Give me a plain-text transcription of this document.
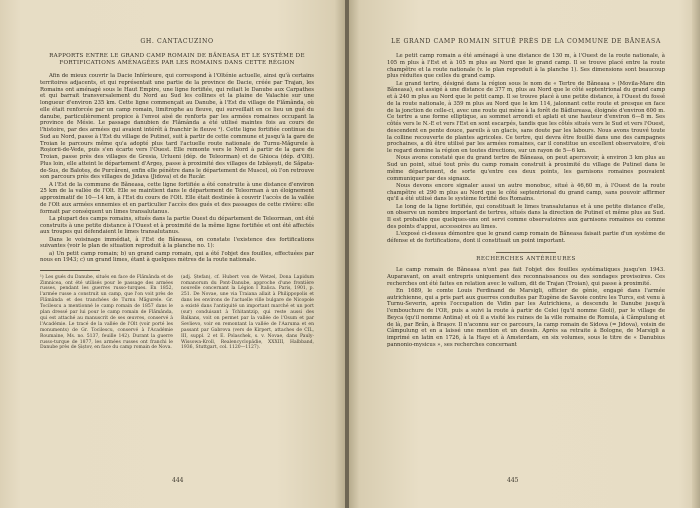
GH. CANTACUZINO
RAPPORTS ENTRE LE GRAND CAMP ROMAIN DE BĂNEASA ET LE SYSTÈME DE FORTIFICATIONS AMÉNAGÉES PAR LES ROMAINS DANS CETTE RÉGION

Afin de mieux couvrir la Dacie Inférieure, qui correspond à l'Olténie actuelle, ainsi qu'à certains territoires adjacents, et qui représentait une partie de la province de Dacie, créée par Trajan, les Romains ont aménagé sous le Haut Empire, une ligne fortifiée, qui reliait le Danube aux Carpathes et qui barrait transversalement du Nord au Sud les collines et la plaine de Valachie sur une longueur d'environ 235 km. Cette ligne commençait au Danube, à l'Est du village de Flămânda, où elle était renforcée par un camp romain, limitrophe au fleuve, qui surveillait en ce lieu un gué du danube, particulièrement propice à l'envoi aisé de renforts par les armées romaines occupant la province de Mésie. Le passage danubien de Flămânda a été utilisé maintes fois au cours de l'histoire, par des armées qui avaient intérêt à franchir le fleuve ¹). Cette ligne fortifiée continue du Sud au Nord, passe à l'Est du village de Putineï, suit à partir de cette commune et jusqu'à la gare de Troian le parcours même qu'a adopté plus tard l'actuelle route nationale de Turnu-Măgurele à Roșiorii-de-Vede, puis s'en écarte vers l'Ouest. Elle remonte vers le Nord à partir de la gare de Troian, passe près des villages de Gresia, Urlueni (dép. de Teleorman) et de Ghioca (dép. d'Olt). Plus loin, elle atteint le département d'Argeș, passe à proximité des villages de Izbășești, de Săpata-de-Sus, de Baloteș, de Purcăreni, enfin elle pénètre dans le département de Muscel, où l'on retrouve son parcours près des villages de Jidava (Jidova) et de Rucăr.

A l'Est de la commune de Băneasa, cette ligne fortifiée a été construite à une distance d'environ 25 km de la vallée de l'Olt. Elle se maintient dans le département de Teleorman à un éloignement approximatif de 10—14 km, à l'Est du cours de l'Olt. Elle était destinée à couvrir l'accès de la vallée de l'Olt aux armées ennemies et en particulier l'accès des gués et des passages de cette rivière: elle formait par conséquent un limes transalutanus.

La plupart des camps romains, situés dans la partie Ouest du département de Teleorman, ont été construits à une petite distance à l'Ouest et à proximité de la même ligne fortifiée et ont été affectés aux troupes qui défendaient le limes transalutanus.

Dans le voisinage immédiat, à l'Est de Băneasa, on constate l'existence des fortifications suivantes (voir le plan de situation reproduit à la planche no. 1):

a) Un petit camp romain; b) un grand camp romain, qui a été l'objet des fouilles, effectuées par nous en 1943; c) un grand limes, étant à quelques mètres de la route nationale.

¹) Les gués du Danube, situés en face de Flămânda et de Zimnicea, ont été utilisés pour le passage des armées russes, pendant les guerres russo-turques. En 1852, l'armée russe a construit un camp, que l'on voit près de Flămânda et des tranchées de Turnu Măgurele. Gr. Tocilescu a mentionné le camp romain de 1857 dans le plan dressé par lui pour le camp romain de Flămânda, qui est attaché au manuscrit de ses œuvres, conservé à l'Académie. Le tracé de la vallée de l'Olt (voir porté les monuments) de Gr. Tocilescu, conservé à l'Académie Roumaine, Ms. no. 5137, feuille 142). Durant la guerre russo-turque de 1877, les armées russes ont franchi le Danube près de Șiștov, en face du camp romain de Nova.
(adj. Ștefan), cf. Hubert von de Wetzel, Dona Lapidum romanorum du Pont-Danube, approche d'une frontière nouvelle concernant la Légion I Italica. Paris, 1901, p. 251. De Novae, une via Traiana allait à Philippopolis et dans les environs de l'actuelle ville bulgare de Nicopole a existé dans l'antiquité un important marché et un port (sur) conduisant à Tchitantzip, qui reste aussi des Balkans, voit on permet par la vallée de l'Osum et par Sevlievo, voir en remontant la vallée de l'Aaruma et en passant par Gabrova (vers de Kirpert, attaches de CIL, III, suppl. 2 et E. Polaschek, s. v. Novae, dans Pauly-Wissowa-Kroll, Realencyclopädie, XXXIII, Halbband, 1936, Stuttgart, col. 1120—1127).
444
LE GRAND CAMP ROMAIN SITUÉ PRÈS DE LA COMMUNE DE BĂNEASA

Le petit camp romain a été aménagé à une distance de 130 m, à l'Ouest de la route nationale, à 105 m plus à l'Est et à 105 m plus au Nord que le grand camp. Il se trouve placé entre la route champêtre et la route nationale (v. le plan reproduit à la planche 1). Ses dimensions sont beaucoup plus réduites que celles du grand camp.

Le grand tertre, désigné dans la région sous le nom de « Tertre de Băneasa » (Movila-Mare din Băneasa), est assigé à une distance de 377 m, plus au Nord que le côté septentrional du grand camp et à 240 m plus au Nord que le petit camp. Il se trouve placé à une petite distance, à l'Ouest du fossé de la route nationale, à 359 m plus au Nord que le km 114, jalonnant cette route et presque en face de la jonction de celle-ci, avec une route qui mène à la forêt de Bădlureasa, éloignée d'environ 600 m. Ce tertre a une forme elliptique, au sommet arrondi et aplati et une hauteur d'environ 6—8 m. Ses côtés vers le N.-E et vers l'Est en sont escarpés, tandis que les côtés situés vers le Sud et vers l'Ouest, descendent en pente douce, pareils à un glacis, sans doute par les labours. Nous avons trouvé toute la colline recouverte de plantes agricoles. Ce tertre, qui devra être fouillé dans une des campagnes prochaines, a dû être utilisé par les armées romaines, car il constitue un excellent observatoire, d'où le regard domine la région en toutes directions, sur un rayon de 5—6 km.

Nous avons constaté que du grand tertre de Băneasa, on peut apercevoir, à environ 3 km plus au Sud un point, situé tout près du camp romain construit à proximité du village de Putineï dans le même département, de sorte qu'entre ces deux points, les garnisons romaines pouvaient communiquer par des signaux.

Nous devons encore signaler aussi un autre monobuc, situé à 46,60 m, à l'Ouest de la route champêtre et 290 m plus au Nord que le côté septentrional du grand camp, sans pouvoir affirmer qu'il a été utilisé dans le système fortifié des Romains.

Le long de la ligne fortifiée, qui constituait le limes transalutanus et à une petite distance d'elle, on observe un nombre important de tertres, situés dans la direction de Putineï et même plus au Sud. Il est probable que quelques-uns ont servi comme observatoires aux garnisons romaines ou comme des points d'appui, accessoires au limes.

L'exposé ci-dessus démontre que le grand camp romain de Băneasa faisait partie d'un système de défense et de fortifications, dont il constituait un point important.

RECHERCHES ANTÉRIEURES

Le camp romain de Băneasa n'ont pas fait l'objet des fouilles systématiques jusqu'en 1943. Auparavant, on avait entrepris uniquement des reconnaissances ou des sondages provisoires. Ces recherches ont été faites en relation avec le vallum, dit de Trajan (Troian), qui passe à proximité.

En 1689, le comte Louis Ferdinand de Marsigli, officier de génie, engagé dans l'armée autrichienne, qui a pris part aux guerres conduites par Eugène de Savoie contre les Turcs, est venu à Turnu-Severin, après l'occupation de Vidin par les Autrichiens, a descendu le Danube jusqu'à l'embouchure de l'Olt, puis a suivi la route à partir de Celei (qu'il nomme Gioli), par le village de Beyca (qu'il nomme Antina) et où il a visité les ruines de la ville romaine de Romula, à Câmpulung et de là, par Brăn, à Brașov. Il n'aconnu sur ce parcours, la camp romain de Sidova (= Jidova), voisin de Câmpulung et en a laissé une mention et un dessin. Après sa retraite à Bologne, de Marsigli a imprimé en latin en 1726, à la Haye et à Amsterdam, en six volumes, sous le titre de « Danubius pannonio-mysicus », ses recherches concernant

445
